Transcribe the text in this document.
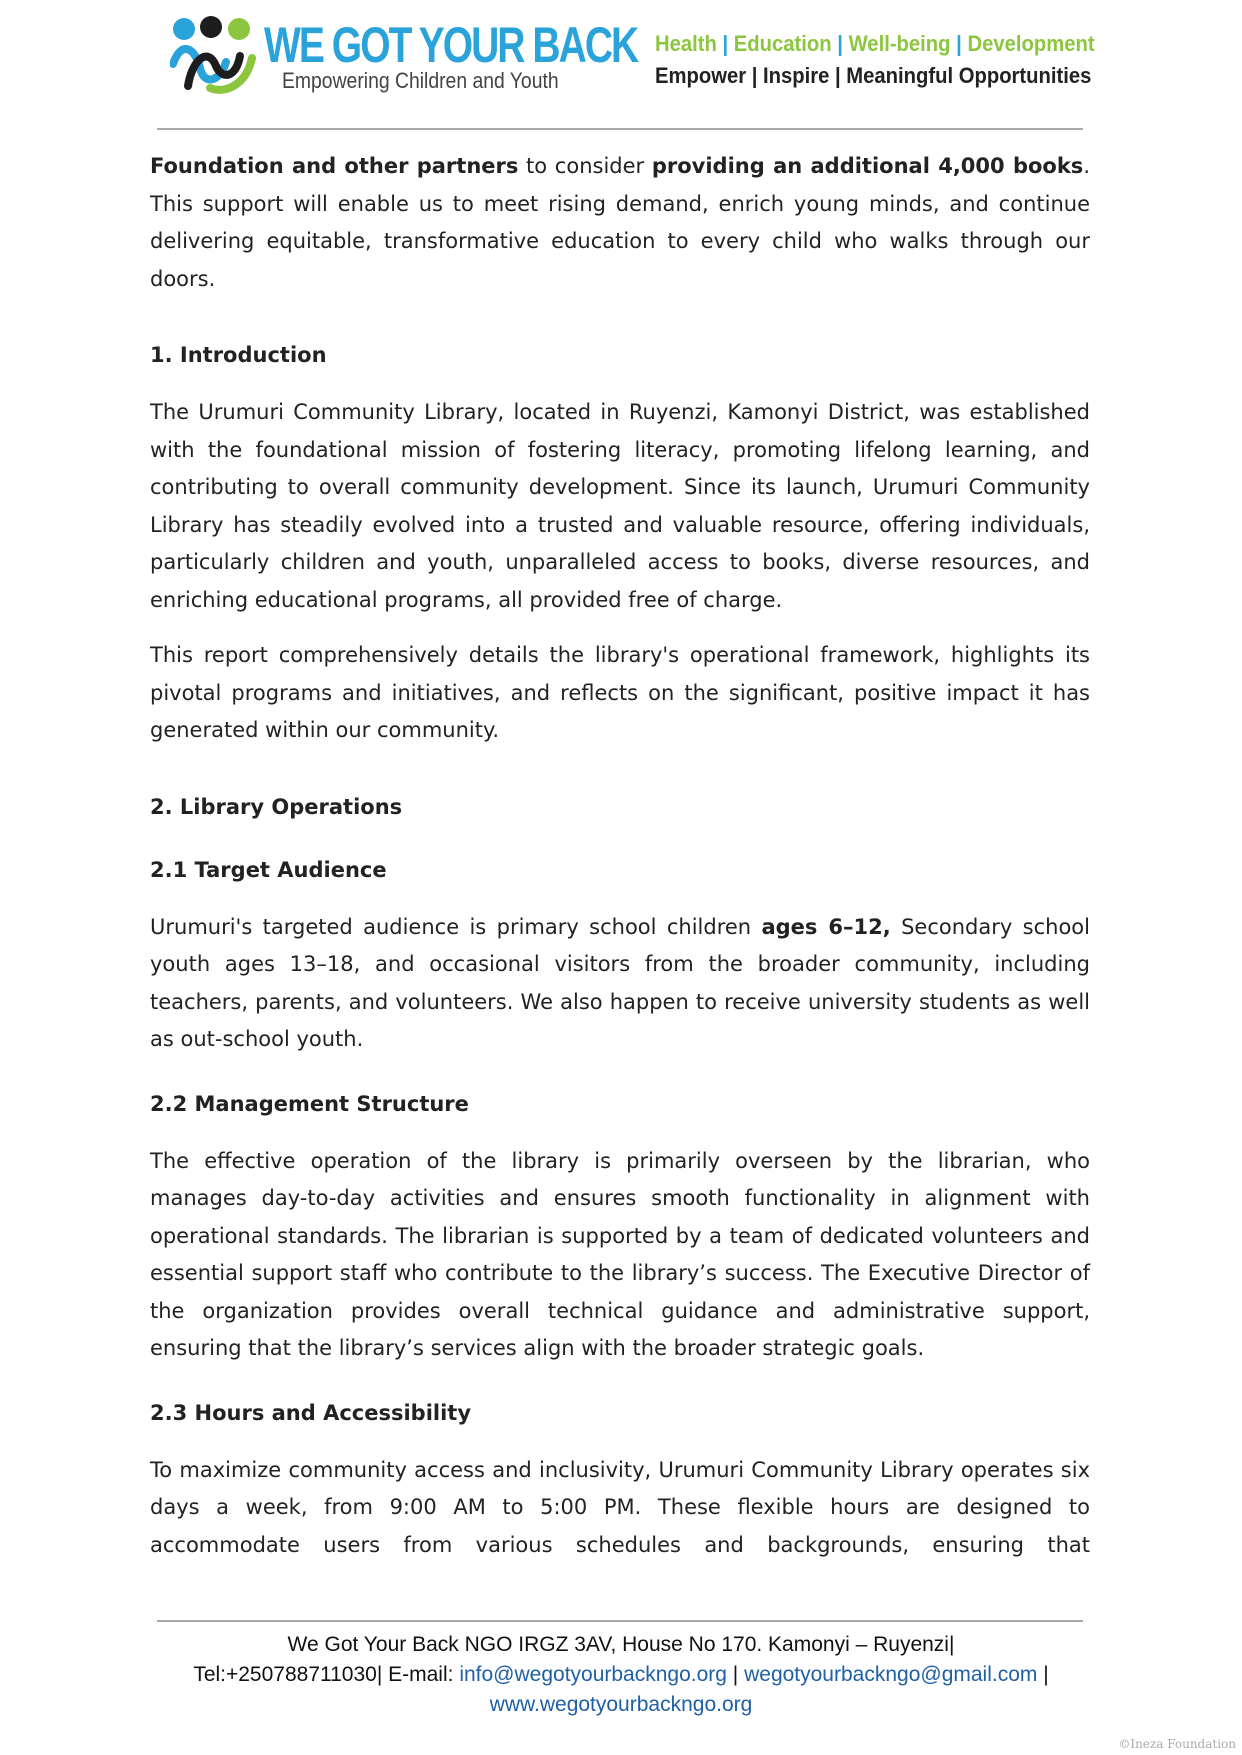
WE GOT YOUR BACK
Empowering Children and Youth
Health | Education | Well-being | Development
Empower | Inspire | Meaningful Opportunities

Foundation and other partners to consider providing an additional 4,000 books. This support will enable us to meet rising demand, enrich young minds, and continue delivering equitable, transformative education to every child who walks through our doors.

1. Introduction

The Urumuri Community Library, located in Ruyenzi, Kamonyi District, was established with the foundational mission of fostering literacy, promoting lifelong learning, and contributing to overall community development. Since its launch, Urumuri Community Library has steadily evolved into a trusted and valuable resource, offering individuals, particularly children and youth, unparalleled access to books, diverse resources, and enriching educational programs, all provided free of charge.

This report comprehensively details the library's operational framework, highlights its pivotal programs and initiatives, and reflects on the significant, positive impact it has generated within our community.

2. Library Operations

2.1 Target Audience

Urumuri's targeted audience is primary school children ages 6–12, Secondary school youth ages 13–18, and occasional visitors from the broader community, including teachers, parents, and volunteers. We also happen to receive university students as well as out-school youth.

2.2 Management Structure

The effective operation of the library is primarily overseen by the librarian, who manages day-to-day activities and ensures smooth functionality in alignment with operational standards. The librarian is supported by a team of dedicated volunteers and essential support staff who contribute to the library’s success. The Executive Director of the organization provides overall technical guidance and administrative support, ensuring that the library’s services align with the broader strategic goals.

2.3 Hours and Accessibility

To maximize community access and inclusivity, Urumuri Community Library operates six days a week, from 9:00 AM to 5:00 PM. These flexible hours are designed to accommodate users from various schedules and backgrounds, ensuring that

We Got Your Back NGO IRGZ 3AV, House No 170. Kamonyi – Ruyenzi|
Tel:+250788711030| E-mail: info@wegotyourbackngo.org | wegotyourbackngo@gmail.com |
www.wegotyourbackngo.org
©Ineza Foundation
